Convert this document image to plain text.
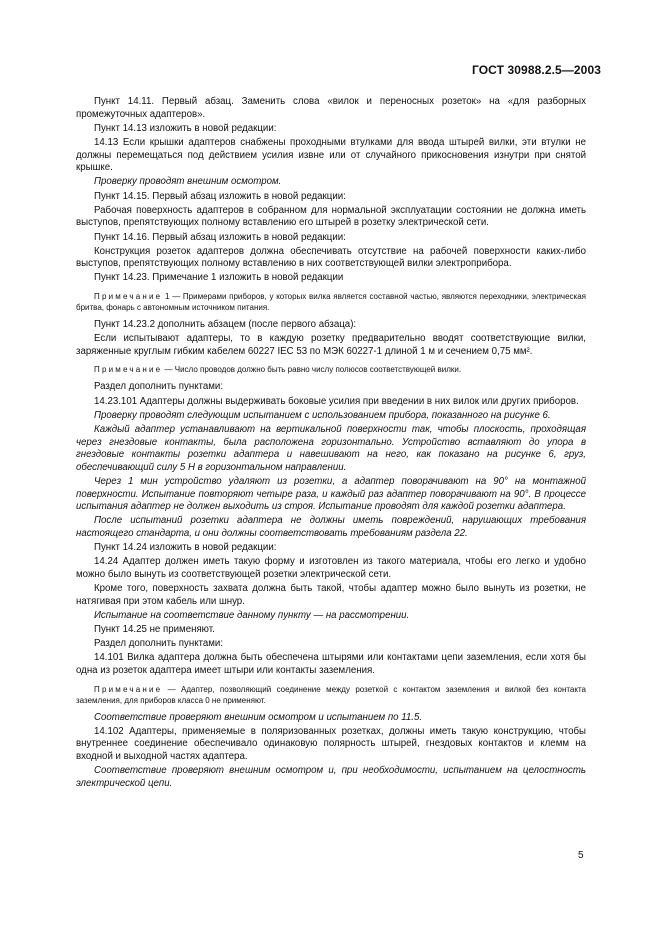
ГОСТ 30988.2.5—2003

Пункт 14.11. Первый абзац. Заменить слова «вилок и переносных розеток» на «для разборных промежуточных адаптеров».

Пункт 14.13 изложить в новой редакции:

14.13 Если крышки адаптеров снабжены проходными втулками для ввода штырей вилки, эти втулки не должны перемещаться под действием усилия извне или от случайного прикосновения изнутри при снятой крышке.

Проверку проводят внешним осмотром.

Пункт 14.15. Первый абзац изложить в новой редакции:

Рабочая поверхность адаптеров в собранном для нормальной эксплуатации состоянии не должна иметь выступов, препятствующих полному вставлению его штырей в розетку электрической сети.

Пункт 14.16. Первый абзац изложить в новой редакции:

Конструкция розеток адаптеров должна обеспечивать отсутствие на рабочей поверхности каких-либо выступов, препятствующих полному вставлению в них соответствующей вилки электроприбора.

Пункт 14.23. Примечание 1 изложить в новой редакции

Примечание 1 — Примерами приборов, у которых вилка является составной частью, являются переходники, электрическая бритва, фонарь с автономным источником питания.

Пункт 14.23.2 дополнить абзацем (после первого абзаца):

Если испытывают адаптеры, то в каждую розетку предварительно вводят соответствующие вилки, заряженные круглым гибким кабелем 60227 IEC 53 по МЭК 60227-1 длиной 1 м и сечением 0,75 мм².

Примечание — Число проводов должно быть равно числу полюсов соответствующей вилки.

Раздел дополнить пунктами:

14.23.101 Адаптеры должны выдерживать боковые усилия при введении в них вилок или других приборов.

Проверку проводят следующим испытанием с использованием прибора, показанного на рисунке 6.

Каждый адаптер устанавливают на вертикальной поверхности так, чтобы плоскость, проходящая через гнездовые контакты, была расположена горизонтально. Устройство вставляют до упора в гнездовые контакты розетки адаптера и навешивают на него, как показано на рисунке 6, груз, обеспечивающий силу 5 Н в горизонтальном направлении.

Через 1 мин устройство удаляют из розетки, а адаптер поворачивают на 90° на монтажной поверхности. Испытание повторяют четыре раза, и каждый раз адаптер поворачивают на 90°. В процессе испытания адаптер не должен выходить из строя. Испытание проводят для каждой розетки адаптера.

После испытаний розетки адаптера не должны иметь повреждений, нарушающих требования настоящего стандарта, и они должны соответствовать требованиям раздела 22.

Пункт 14.24 изложить в новой редакции:

14.24 Адаптер должен иметь такую форму и изготовлен из такого материала, чтобы его легко и удобно можно было вынуть из соответствующей розетки электрической сети.

Кроме того, поверхность захвата должна быть такой, чтобы адаптер можно было вынуть из розетки, не натягивая при этом кабель или шнур.

Испытание на соответствие данному пункту — на рассмотрении.

Пункт 14.25 не применяют.

Раздел дополнить пунктами:

14.101 Вилка адаптера должна быть обеспечена штырями или контактами цепи заземления, если хотя бы одна из розеток адаптера имеет штыри или контакты заземления.

Примечание — Адаптер, позволяющий соединение между розеткой с контактом заземления и вилкой без контакта заземления, для приборов класса 0 не применяют.

Соответствие проверяют внешним осмотром и испытанием по 11.5.

14.102 Адаптеры, применяемые в поляризованных розетках, должны иметь такую конструкцию, чтобы внутреннее соединение обеспечивало одинаковую полярность штырей, гнездовых контактов и клемм на входной и выходной частях адаптера.

Соответствие проверяют внешним осмотром и, при необходимости, испытанием на целостность электрической цепи.

5
